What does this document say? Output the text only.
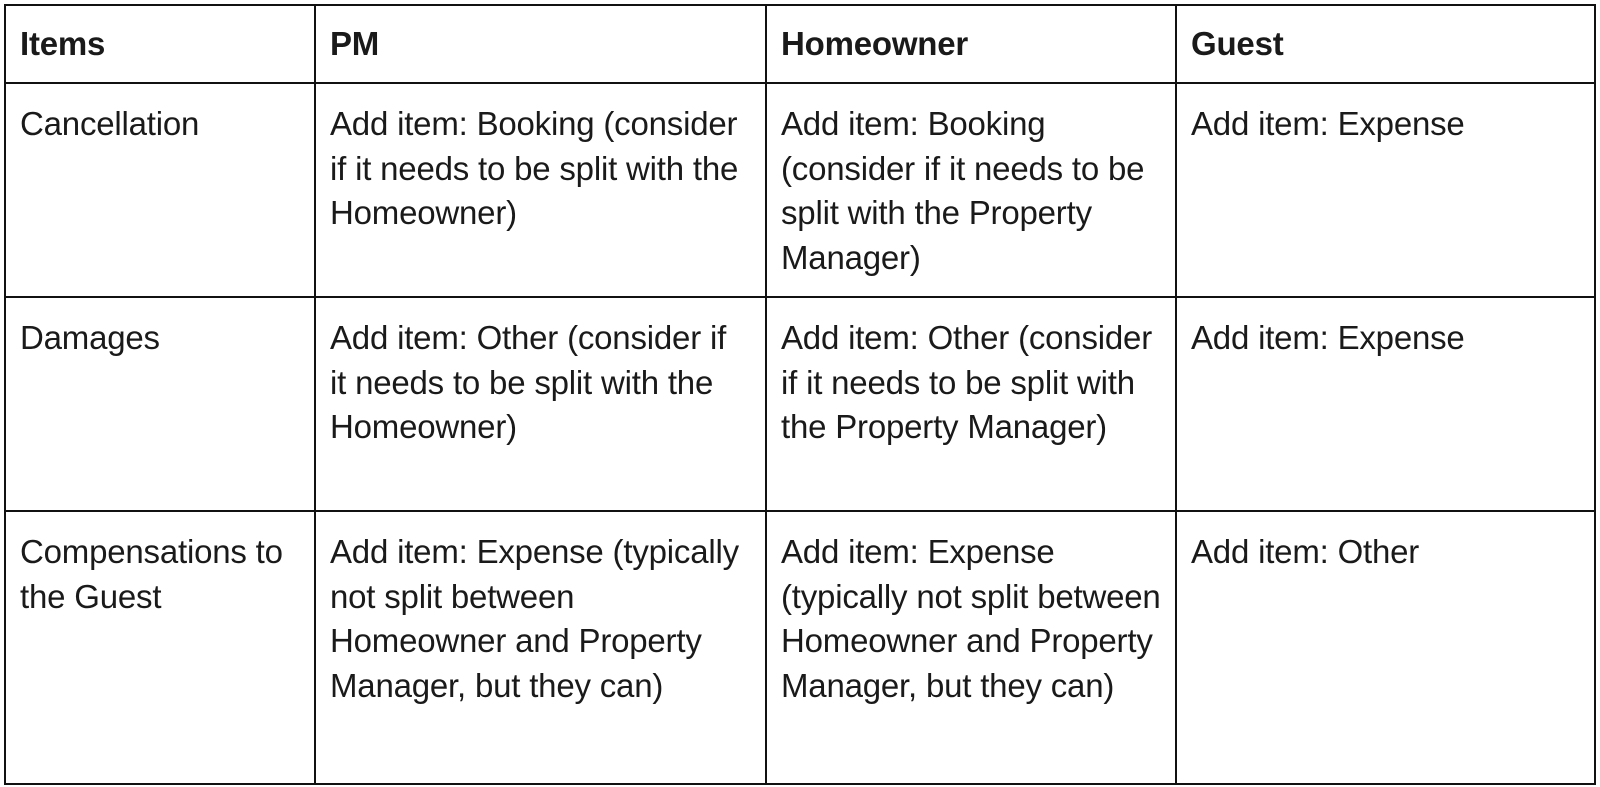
Items	PM	Homeowner	Guest
Cancellation	Add item: Booking (consider if it needs to be split with the Homeowner)	Add item: Booking (consider if it needs to be split with the Property Manager)	Add item: Expense
Damages	Add item: Other (consider if it needs to be split with the Homeowner)	Add item: Other (consider if it needs to be split with the Property Manager)	Add item: Expense
Compensations to the Guest	Add item: Expense (typically not split between Homeowner and Property Manager, but they can)	Add item: Expense (typically not split between Homeowner and Property Manager, but they can)	Add item: Other
